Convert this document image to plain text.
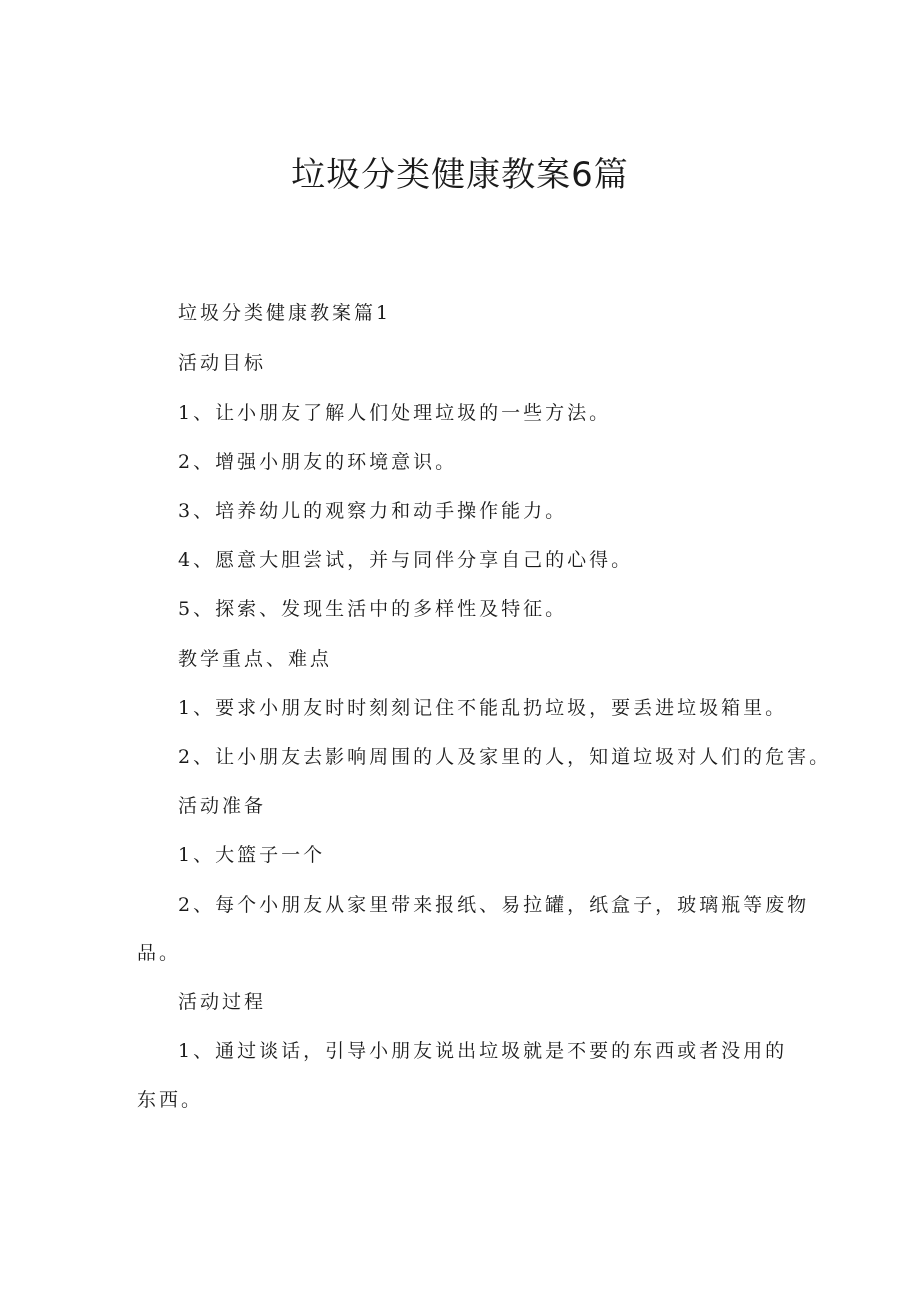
垃圾分类健康教案6篇

垃圾分类健康教案篇1

活动目标

1、让小朋友了解人们处理垃圾的一些方法。

2、增强小朋友的环境意识。

3、培养幼儿的观察力和动手操作能力。

4、愿意大胆尝试，并与同伴分享自己的心得。

5、探索、发现生活中的多样性及特征。

教学重点、难点

1、要求小朋友时时刻刻记住不能乱扔垃圾，要丢进垃圾箱里。

2、让小朋友去影响周围的人及家里的人，知道垃圾对人们的危害。

活动准备

1、大篮子一个

2、每个小朋友从家里带来报纸、易拉罐，纸盒子，玻璃瓶等废物

品。

活动过程

1、通过谈话，引导小朋友说出垃圾就是不要的东西或者没用的

东西。
